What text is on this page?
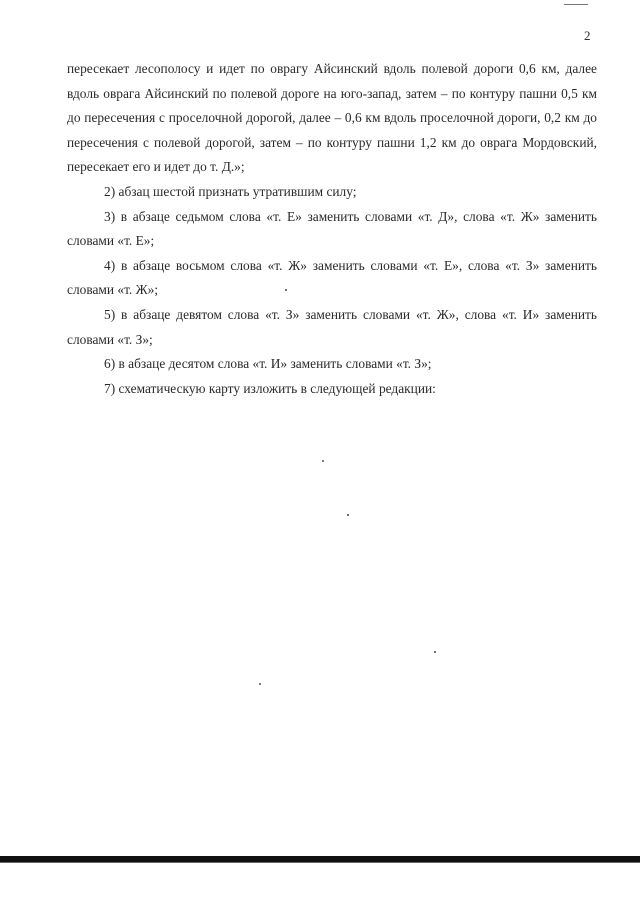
2

пересекает лесополосу и идет по оврагу Айсинский вдоль полевой дороги 0,6 км, далее вдоль оврага Айсинский по полевой дороге на юго-запад, затем – по контуру пашни 0,5 км до пересечения с проселочной дорогой, далее – 0,6 км вдоль проселочной дороги, 0,2 км до пересечения с полевой дорогой, затем – по контуру пашни 1,2 км до оврага Мордовский, пересекает его и идет до т. Д.»;

2) абзац шестой признать утратившим силу;

3) в абзаце седьмом слова «т. Е» заменить словами «т. Д», слова «т. Ж» заменить словами «т. Е»;

4) в абзаце восьмом слова «т. Ж» заменить словами «т. Е», слова «т. З» заменить словами «т. Ж»;

5) в абзаце девятом слова «т. З» заменить словами «т. Ж», слова «т. И» заменить словами «т. З»;

6) в абзаце десятом слова «т. И» заменить словами «т. З»;

7) схематическую карту изложить в следующей редакции:
